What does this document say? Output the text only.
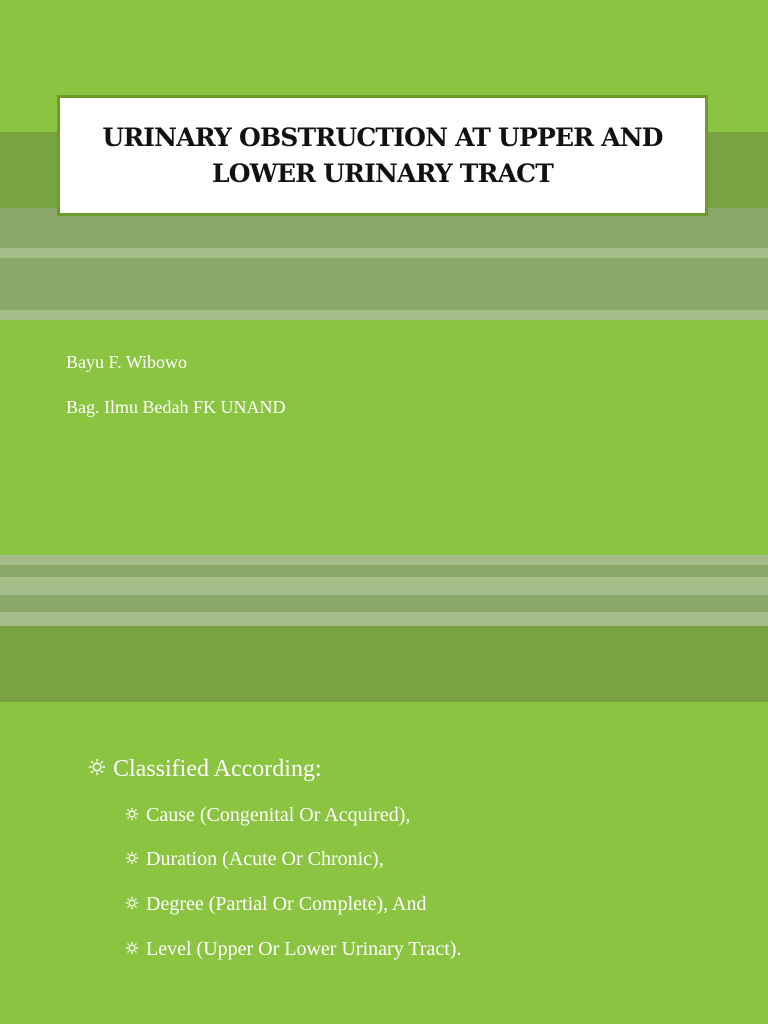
URINARY OBSTRUCTION AT UPPER AND LOWER URINARY TRACT
Bayu F. Wibowo
Bag. Ilmu Bedah FK UNAND
Classified According:
Cause (Congenital Or Acquired),
Duration (Acute Or Chronic),
Degree (Partial Or Complete), And
Level (Upper Or Lower Urinary Tract).
